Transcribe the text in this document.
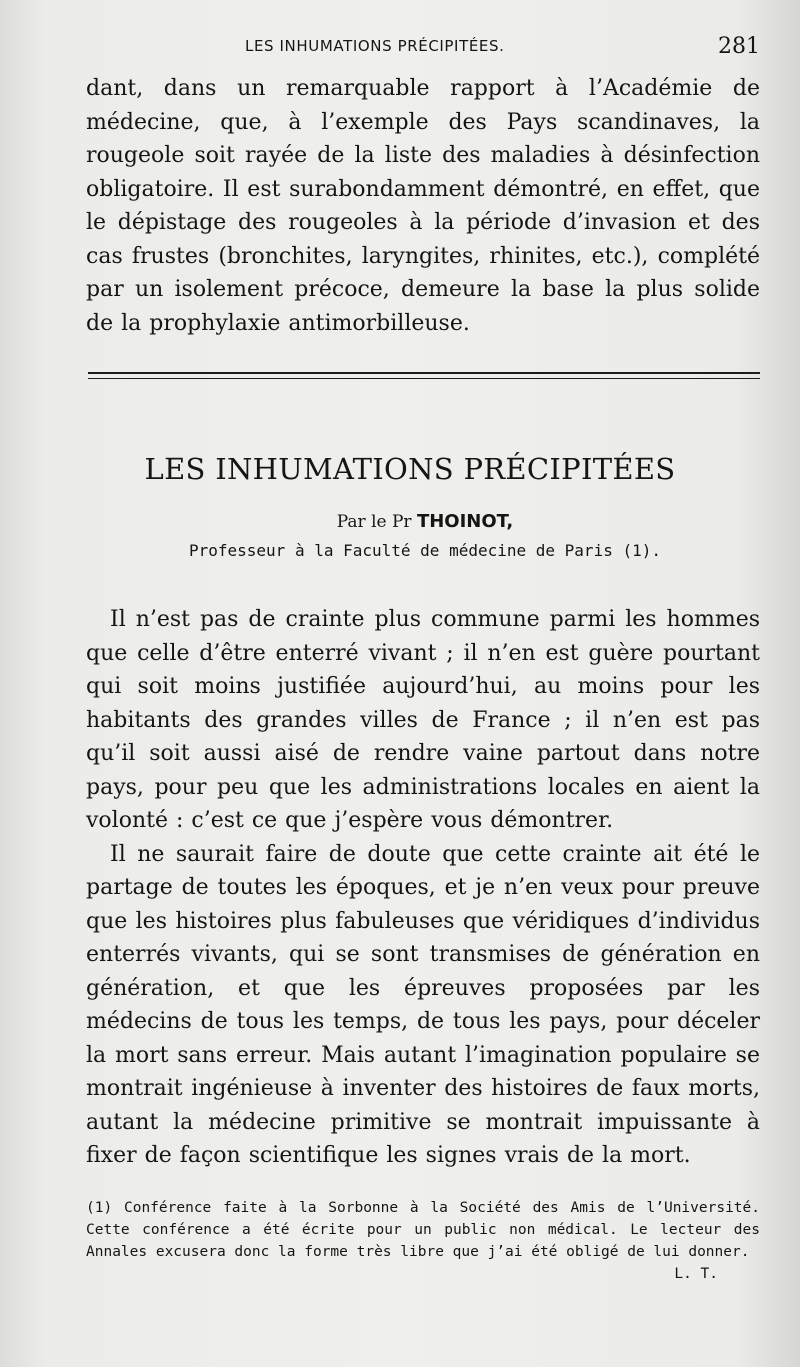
LES INHUMATIONS PRÉCIPITÉES.	281

dant, dans un remarquable rapport à l’Académie de médecine, que, à l’exemple des Pays scandinaves, la rougeole soit rayée de la liste des maladies à désinfection obligatoire. Il est surabondamment démontré, en effet, que le dépistage des rougeoles à la période d’invasion et des cas frustes (bronchites, laryngites, rhinites, etc.), complété par un isolement précoce, demeure la base la plus solide de la prophylaxie antimorbilleuse.

LES INHUMATIONS PRÉCIPITÉES
Par le Pr THOINOT,
Professeur à la Faculté de médecine de Paris (1).

Il n’est pas de crainte plus commune parmi les hommes que celle d’être enterré vivant ; il n’en est guère pourtant qui soit moins justifiée aujourd’hui, au moins pour les habitants des grandes villes de France ; il n’en est pas qu’il soit aussi aisé de rendre vaine partout dans notre pays, pour peu que les administrations locales en aient la volonté : c’est ce que j’espère vous démontrer.

Il ne saurait faire de doute que cette crainte ait été le partage de toutes les époques, et je n’en veux pour preuve que les histoires plus fabuleuses que véridiques d’individus enterrés vivants, qui se sont transmises de génération en génération, et que les épreuves proposées par les médecins de tous les temps, de tous les pays, pour déceler la mort sans erreur. Mais autant l’imagination populaire se montrait ingénieuse à inventer des histoires de faux morts, autant la médecine primitive se montrait impuissante à fixer de façon scientifique les signes vrais de la mort.

(1) Conférence faite à la Sorbonne à la Société des Amis de l’Université. Cette conférence a été écrite pour un public non médical. Le lecteur des Annales excusera donc la forme très libre que j’ai été obligé de lui donner.
L. T.
